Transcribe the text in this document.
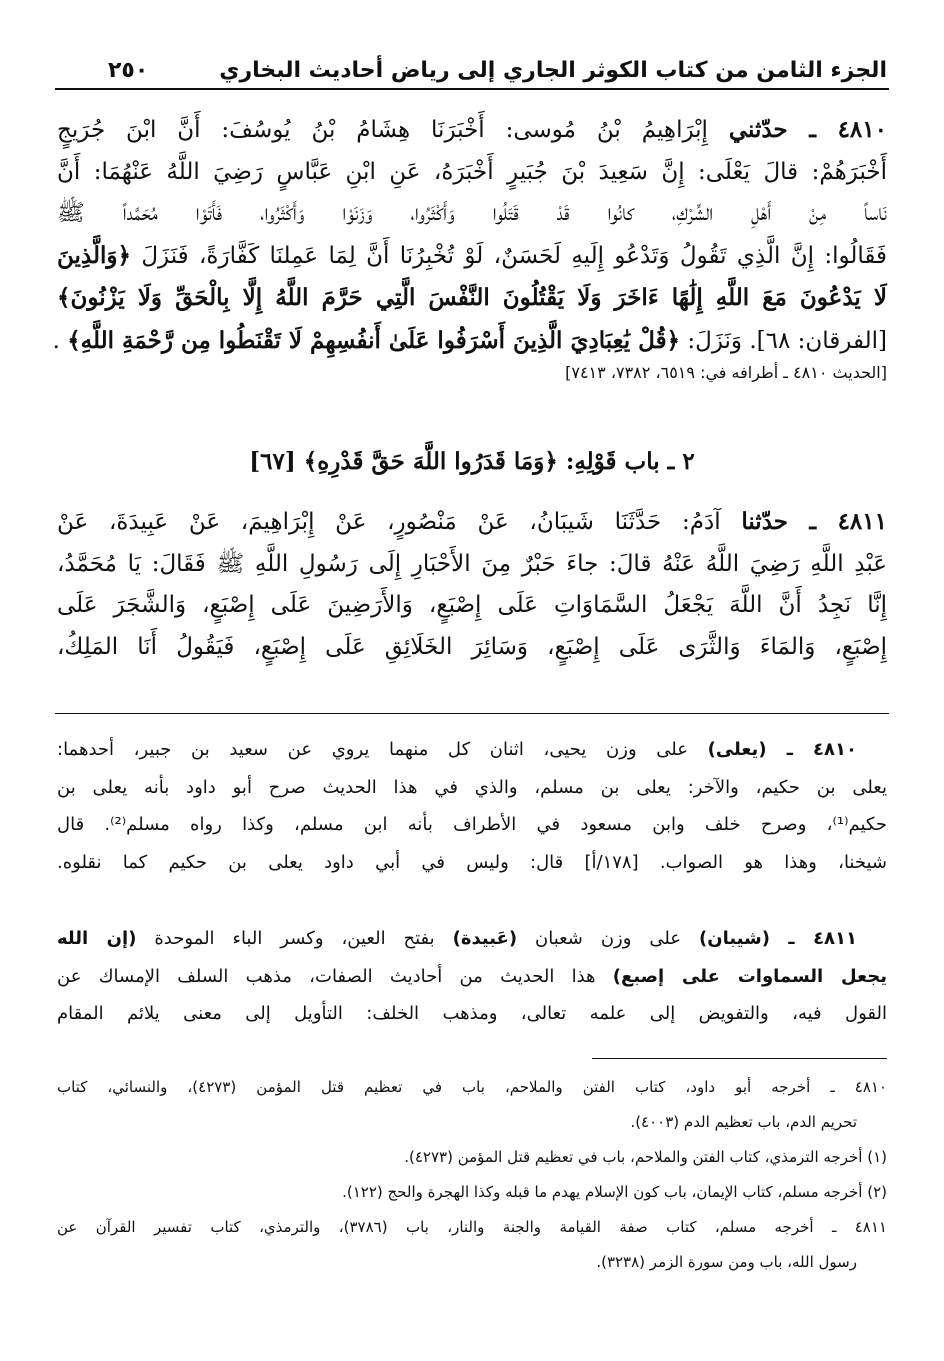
الجزء الثامن من كتاب الكوثر الجاري إلى رياض أحاديث البخاري
٢٥٠
٤٨١٠ ـ حدّثني إِبْرَاهِيمُ بْنُ مُوسى: أَخْبَرَنَا هِشَامُ بْنُ يُوسُفَ: أَنَّ ابْنَ جُرَيجٍ
أَخْبَرَهُمْ: قالَ يَعْلَى: إِنَّ سَعِيدَ بْنَ جُبَيرٍ أَخْبَرَهُ، عَنِ ابْنِ عَبَّاسٍ رَضِيَ اللَّهُ عَنْهُمَا: أَنَّ
نَاساً مِنْ أَهْلِ الشِّرْكِ، كانُوا قَدْ قَتَلُوا وَأَكْثَرُوا، وَزَنَوْا وَأَكْثَرُوا، فَأَتَوْا مُحَمَّداً ﷺ
فَقَالُوا: إِنَّ الَّذِي تَقُولُ وَتَدْعُو إِلَيهِ لَحَسَنٌ، لَوْ تُخْبِرُنَا أَنَّ لِمَا عَمِلنَا كَفَّارَةً، فَنَزَلَ ﴿وَالَّذِينَ
لَا يَدْعُونَ مَعَ اللَّهِ إِلَٰهًا ءَاخَرَ وَلَا يَقْتُلُونَ النَّفْسَ الَّتِي حَرَّمَ اللَّهُ إِلَّا بِالْحَقِّ وَلَا يَزْنُونَ﴾
[الفرقان: ٦٨]. وَنَزَلَ: ﴿قُلْ يَٰعِبَادِيَ الَّذِينَ أَسْرَفُوا عَلَىٰ أَنفُسِهِمْ لَا تَقْنَطُوا مِن رَّحْمَةِ اللَّهِ﴾ .
[الحديث ٤٨١٠ ـ أطرافه في: ٦٥١٩، ٧٣٨٢، ٧٤١٣]
٢ ـ باب قَوْلِهِ: ﴿وَمَا قَدَرُوا اللَّهَ حَقَّ قَدْرِهِ﴾ [٦٧]
٤٨١١ ـ حدّثنا آدَمُ: حَدَّثَنَا شَيبَانُ، عَنْ مَنْصُورٍ، عَنْ إِبْرَاهِيمَ، عَنْ عَبِيدَةَ، عَنْ
عَبْدِ اللَّهِ رَضِيَ اللَّهُ عَنْهُ قالَ: جاءَ حَبْرٌ مِنَ الأَحْبَارِ إِلَى رَسُولِ اللَّهِ ﷺ فَقَالَ: يَا مُحَمَّدُ،
إِنَّا نَجِدُ أَنَّ اللَّهَ يَجْعَلُ السَّمَاوَاتِ عَلَى إِصْبَعٍ، وَالأَرَضِينَ عَلَى إِصْبَعٍ، وَالشَّجَرَ عَلَى
إِصْبَعٍ، وَالمَاءَ وَالثَّرَى عَلَى إِصْبَعٍ، وَسَائِرَ الخَلَائِقِ عَلَى إِصْبَعٍ، فَيَقُولُ أَنَا المَلِكُ،
٤٨١٠ ـ (يعلى) على وزن يحيى، اثنان كل منهما يروي عن سعيد بن جبير، أحدهما:
يعلى بن حكيم، والآخر: يعلى بن مسلم، والذي في هذا الحديث صرح أبو داود بأنه يعلى بن
حكيم⁽¹⁾، وصرح خلف وابن مسعود في الأطراف بأنه ابن مسلم، وكذا رواه مسلم⁽²⁾. قال
شيخنا، وهذا هو الصواب. [١٧٨/أ] قال: وليس في أبي داود يعلى بن حكيم كما نقلوه.
٤٨١١ ـ (شيبان) على وزن شعبان (عَبيدة) بفتح العين، وكسر الباء الموحدة (إن الله
يجعل السماوات على إصبع) هذا الحديث من أحاديث الصفات، مذهب السلف الإمساك عن
القول فيه، والتفويض إلى علمه تعالى، ومذهب الخلف: التأويل إلى معنى يلائم المقام
٤٨١٠ ـ أخرجه أبو داود، كتاب الفتن والملاحم، باب في تعظيم قتل المؤمن (٤٢٧٣)، والنسائي، كتاب
تحريم الدم، باب تعظيم الدم (٤٠٠٣).
(١) أخرجه الترمذي، كتاب الفتن والملاحم، باب في تعظيم قتل المؤمن (٤٢٧٣).
(٢) أخرجه مسلم، كتاب الإيمان، باب كون الإسلام يهدم ما قبله وكذا الهجرة والحج (١٢٢).
٤٨١١ ـ أخرجه مسلم، كتاب صفة القيامة والجنة والنار، باب (٣٧٨٦)، والترمذي، كتاب تفسير القرآن عن
رسول الله، باب ومن سورة الزمر (٣٢٣٨).
